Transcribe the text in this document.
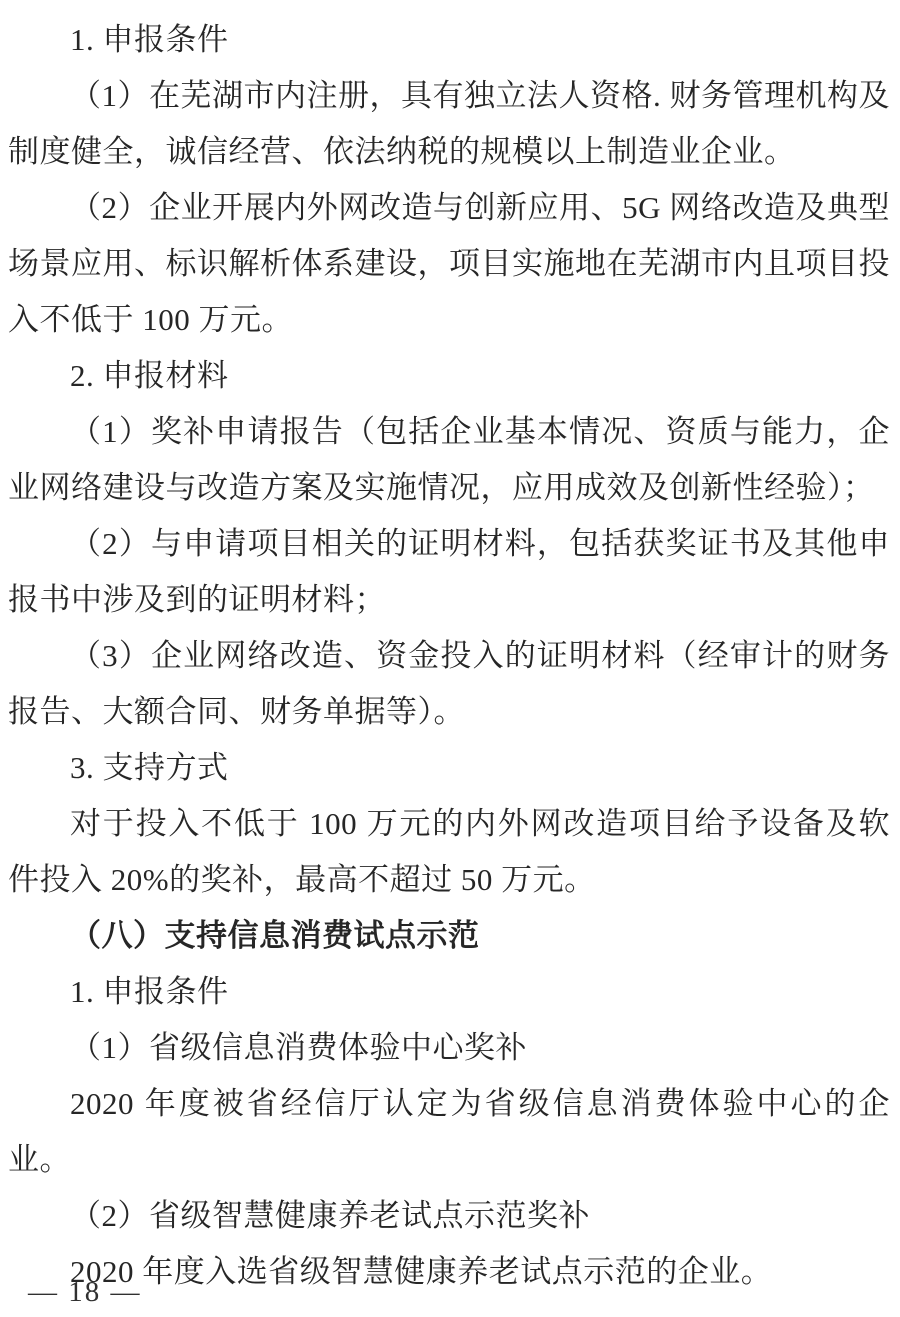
1. 申报条件

（1）在芜湖市内注册，具有独立法人资格. 财务管理机构及制度健全，诚信经营、依法纳税的规模以上制造业企业。

（2）企业开展内外网改造与创新应用、5G 网络改造及典型场景应用、标识解析体系建设，项目实施地在芜湖市内且项目投入不低于 100 万元。

2. 申报材料

（1）奖补申请报告（包括企业基本情况、资质与能力，企业网络建设与改造方案及实施情况，应用成效及创新性经验）；

（2）与申请项目相关的证明材料，包括获奖证书及其他申报书中涉及到的证明材料；

（3）企业网络改造、资金投入的证明材料（经审计的财务报告、大额合同、财务单据等）。

3. 支持方式

对于投入不低于 100 万元的内外网改造项目给予设备及软件投入 20%的奖补，最高不超过 50 万元。

（八）支持信息消费试点示范

1. 申报条件

（1）省级信息消费体验中心奖补

2020 年度被省经信厅认定为省级信息消费体验中心的企业。

（2）省级智慧健康养老试点示范奖补

2020 年度入选省级智慧健康养老试点示范的企业。

— 18 —
